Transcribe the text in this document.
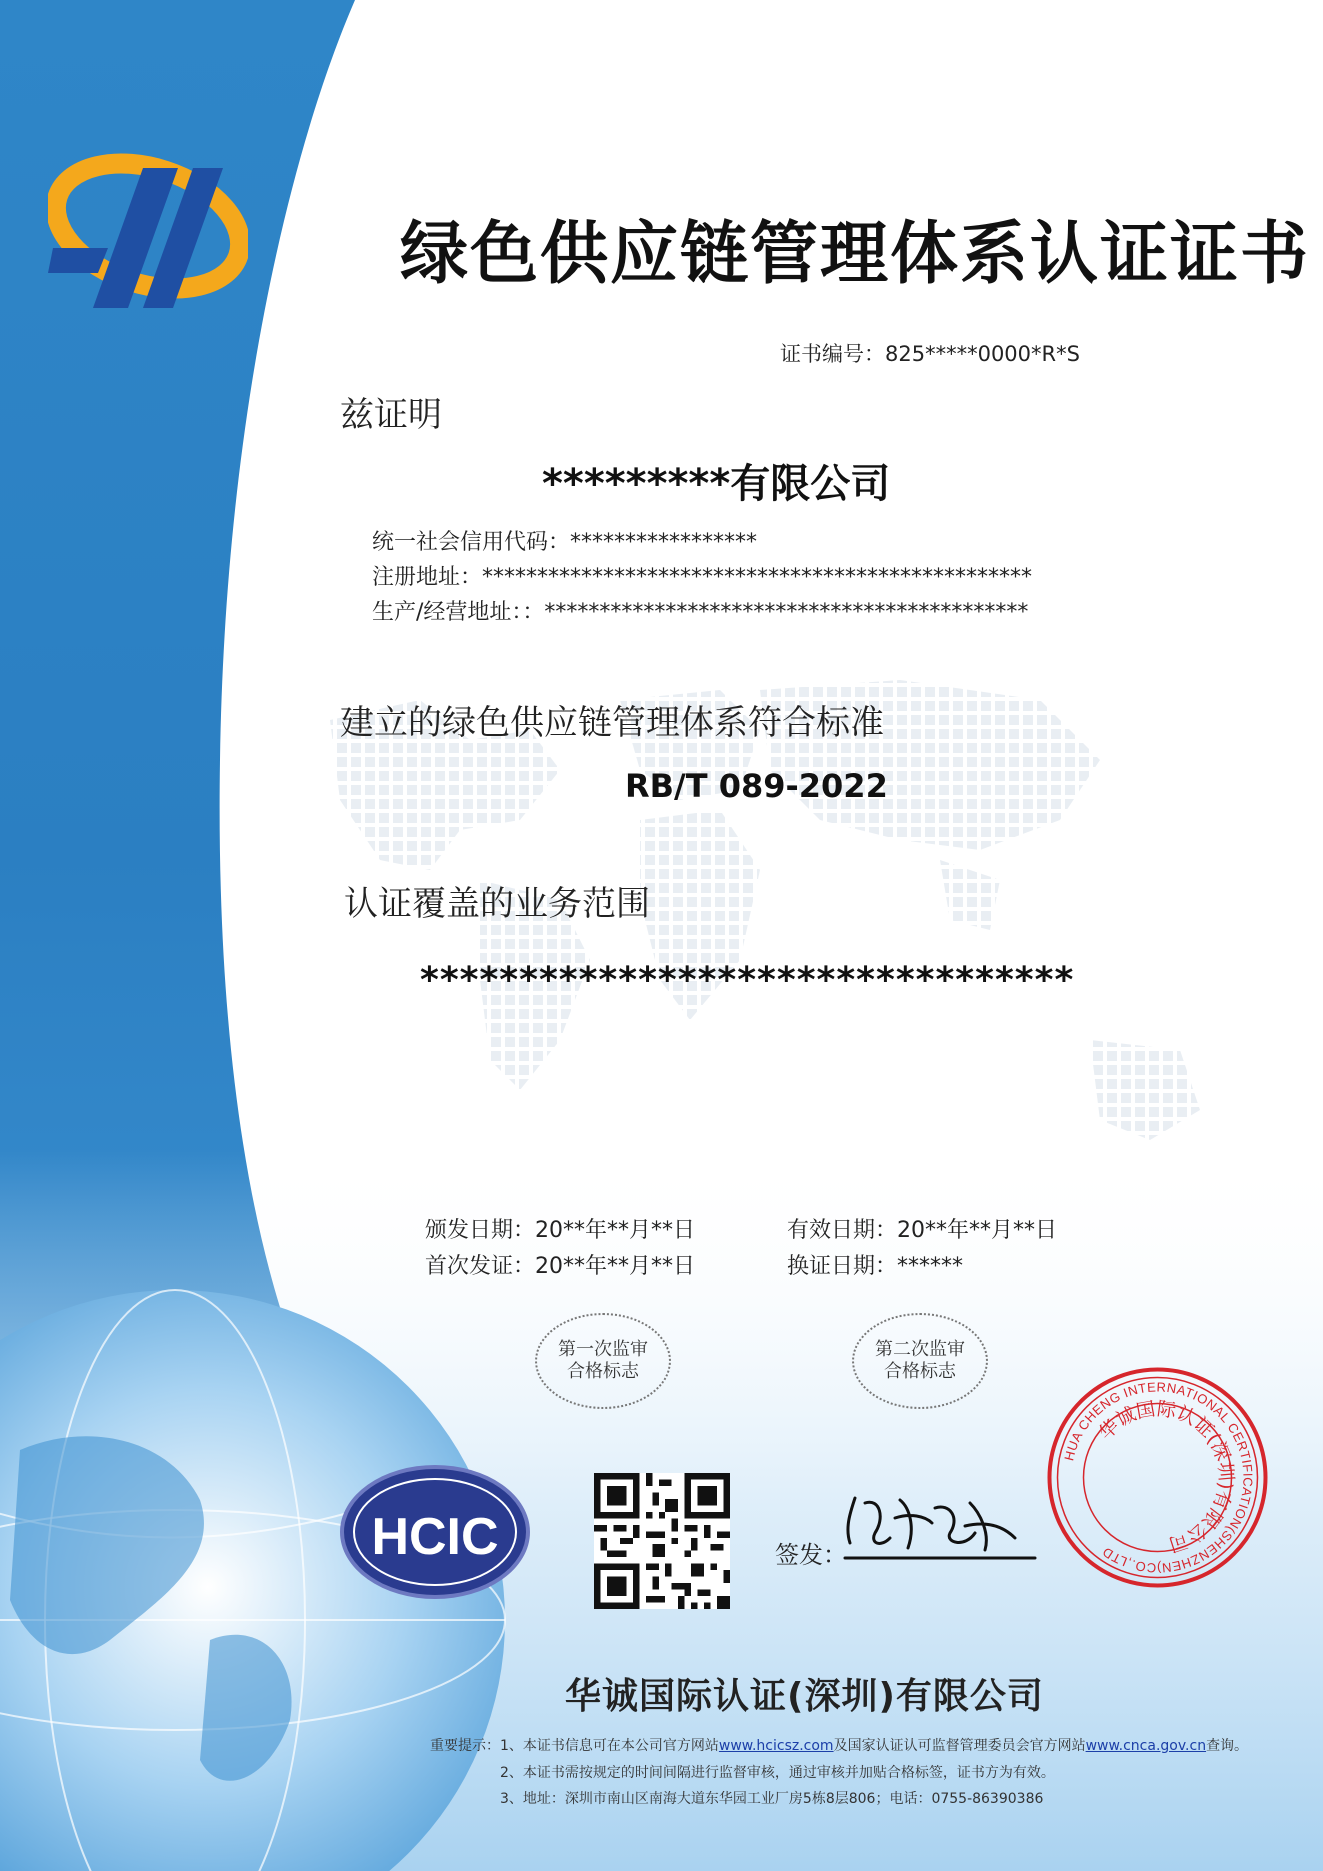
绿色供应链管理体系认证证书
证书编号：825*****0000*R*S
兹证明
*********有限公司
统一社会信用代码：*****************
注册地址：**************************************************
生产/经营地址：：********************************************
建立的绿色供应链管理体系符合标准
RB/T 089-2022
认证覆盖的业务范围
*********************************
颁发日期：20**年**月**日	有效日期：20**年**月**日
首次发证：20**年**月**日	换证日期：******
第一次监审
合格标志
第二次监审
合格标志
HCIC	签发：
HUA CHENG INTERNATIONAL CERTIFICATION(SHENZHEN)CO.,LTD
华诚国际认证(深圳)有限公司
华诚国际认证(深圳)有限公司
重要提示：1、本证书信息可在本公司官方网站www.hcicsz.com及国家认证认可监督管理委员会官方网站www.cnca.gov.cn查询。
2、本证书需按规定的时间间隔进行监督审核，通过审核并加贴合格标签，证书方为有效。
3、地址：深圳市南山区南海大道东华园工业厂房5栋8层806；电话：0755-86390386
